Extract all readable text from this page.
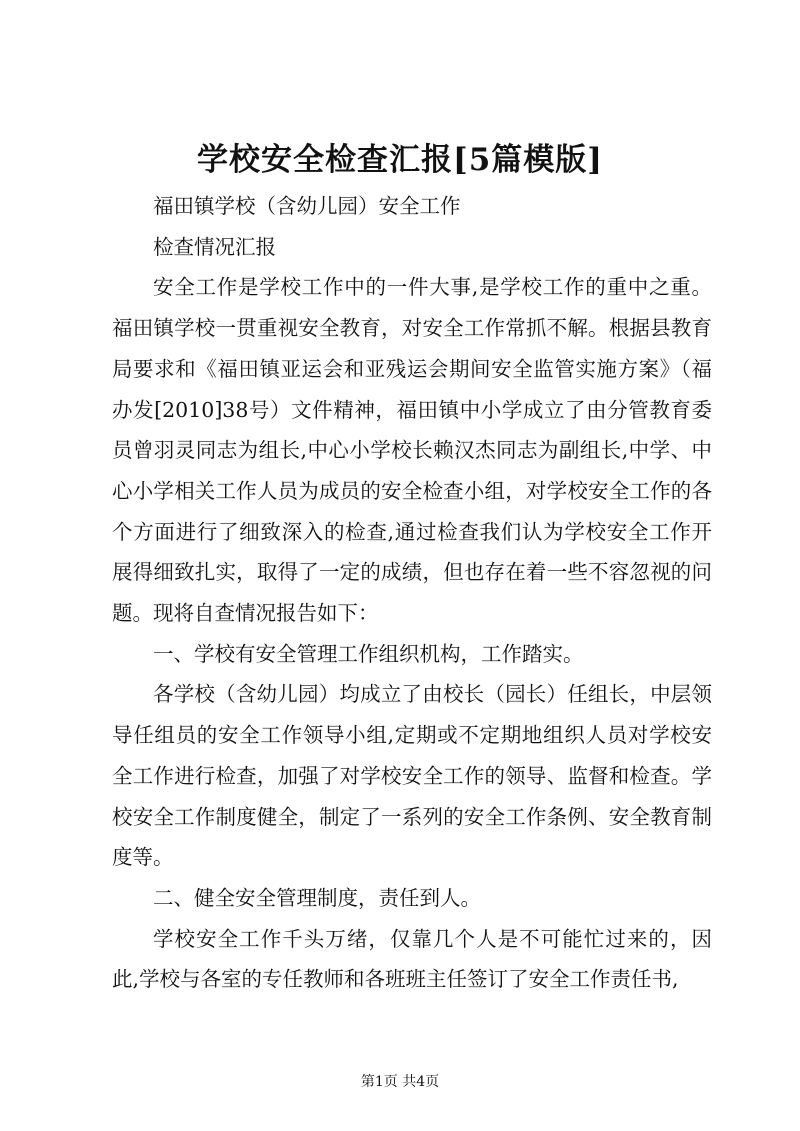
学校安全检查汇报[5篇模版]

福田镇学校（含幼儿园）安全工作

检查情况汇报

安全工作是学校工作中的一件大事,是学校工作的重中之重。福田镇学校一贯重视安全教育，对安全工作常抓不解。根据县教育局要求和《福田镇亚运会和亚残运会期间安全监管实施方案》（福办发[2010]38号）文件精神，福田镇中小学成立了由分管教育委员曾羽灵同志为组长,中心小学校长赖汉杰同志为副组长,中学、中心小学相关工作人员为成员的安全检查小组，对学校安全工作的各个方面进行了细致深入的检查,通过检查我们认为学校安全工作开展得细致扎实，取得了一定的成绩，但也存在着一些不容忽视的问题。现将自查情况报告如下：

一、学校有安全管理工作组织机构，工作踏实。

各学校（含幼儿园）均成立了由校长（园长）任组长，中层领导任组员的安全工作领导小组,定期或不定期地组织人员对学校安全工作进行检查，加强了对学校安全工作的领导、监督和检查。学校安全工作制度健全，制定了一系列的安全工作条例、安全教育制度等。

二、健全安全管理制度，责任到人。

学校安全工作千头万绪，仅靠几个人是不可能忙过来的，因此,学校与各室的专任教师和各班班主任签订了安全工作责任书,

第1页 共4页
